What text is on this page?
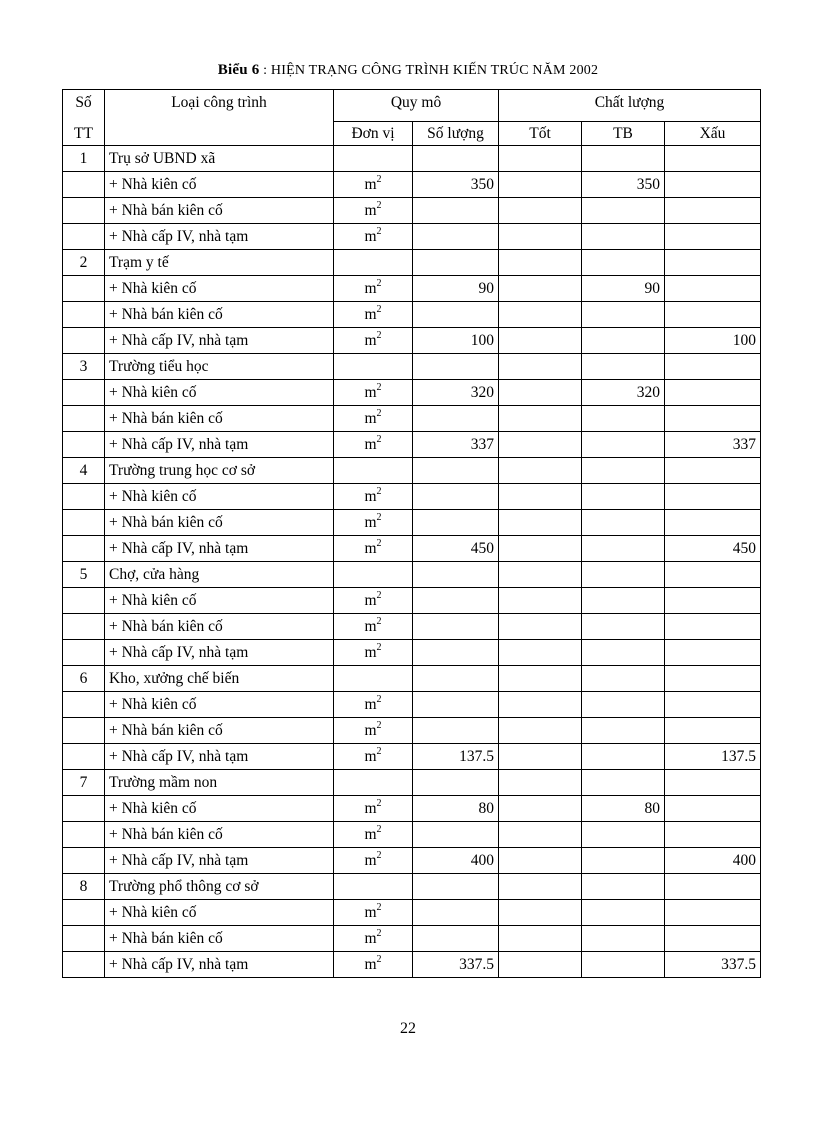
Biểu 6 : HIỆN TRẠNG CÔNG TRÌNH KIẾN TRÚC NĂM 2002
Số	Loại công trình	Quy mô		Chất lượng		
TT		Đơn vị	Số lượng	Tốt	TB	Xấu
1	Trụ sở UBND xã					
	+ Nhà kiên cố	$m^2$	350		350	
	+ Nhà bán kiên cố	$m^2$				
	+ Nhà cấp IV, nhà tạm	$m^2$				
2	Trạm y tế					
	+ Nhà kiên cố	$m^2$	90		90	
	+ Nhà bán kiên cố	$m^2$				
	+ Nhà cấp IV, nhà tạm	$m^2$	100			100
3	Trường tiểu học					
	+ Nhà kiên cố	$m^2$	320		320	
	+ Nhà bán kiên cố	$m^2$				
	+ Nhà cấp IV, nhà tạm	$m^2$	337			337
4	Trường trung học cơ sở					
	+ Nhà kiên cố	$m^2$				
	+ Nhà bán kiên cố	$m^2$				
	+ Nhà cấp IV, nhà tạm	$m^2$	450			450
5	Chợ, cửa hàng					
	+ Nhà kiên cố	$m^2$				
	+ Nhà bán kiên cố	$m^2$				
	+ Nhà cấp IV, nhà tạm	$m^2$				
6	Kho, xưởng chế biến					
	+ Nhà kiên cố	$m^2$				
	+ Nhà bán kiên cố	$m^2$				
	+ Nhà cấp IV, nhà tạm	$m^2$	137.5			137.5
7	Trường mầm non					
	+ Nhà kiên cố	$m^2$	80		80	
	+ Nhà bán kiên cố	$m^2$				
	+ Nhà cấp IV, nhà tạm	$m^2$	400			400
8	Trường phổ thông cơ sở					
	+ Nhà kiên cố	$m^2$				
	+ Nhà bán kiên cố	$m^2$				
	+ Nhà cấp IV, nhà tạm	$m^2$	337.5			337.5
22
